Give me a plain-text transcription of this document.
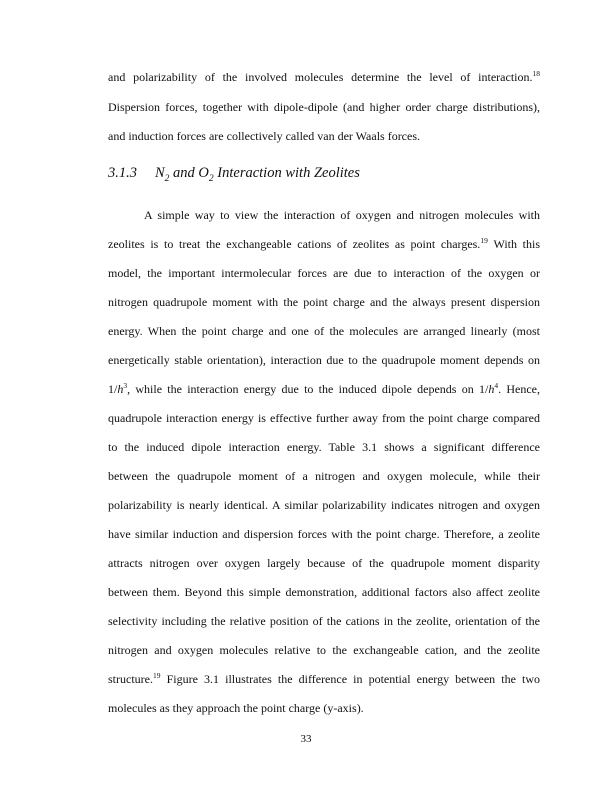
and polarizability of the involved molecules determine the level of interaction.$^{18}$
Dispersion forces, together with dipole-dipole (and higher order charge distributions),
and induction forces are collectively called van der Waals forces.
3.1.3 $N_2$ and $O_2$ Interaction with Zeolites
A simple way to view the interaction of oxygen and nitrogen molecules with
zeolites is to treat the exchangeable cations of zeolites as point charges.$^{19}$ With this
model, the important intermolecular forces are due to interaction of the oxygen or
nitrogen quadrupole moment with the point charge and the always present dispersion
energy. When the point charge and one of the molecules are arranged linearly (most
energetically stable orientation), interaction due to the quadrupole moment depends on
$1/h^3$, while the interaction energy due to the induced dipole depends on $1/h^4$. Hence,
quadrupole interaction energy is effective further away from the point charge compared
to the induced dipole interaction energy. Table 3.1 shows a significant difference
between the quadrupole moment of a nitrogen and oxygen molecule, while their
polarizability is nearly identical. A similar polarizability indicates nitrogen and oxygen
have similar induction and dispersion forces with the point charge. Therefore, a zeolite
attracts nitrogen over oxygen largely because of the quadrupole moment disparity
between them. Beyond this simple demonstration, additional factors also affect zeolite
selectivity including the relative position of the cations in the zeolite, orientation of the
nitrogen and oxygen molecules relative to the exchangeable cation, and the zeolite
structure.$^{19}$ Figure 3.1 illustrates the difference in potential energy between the two
molecules as they approach the point charge (y-axis).
33
